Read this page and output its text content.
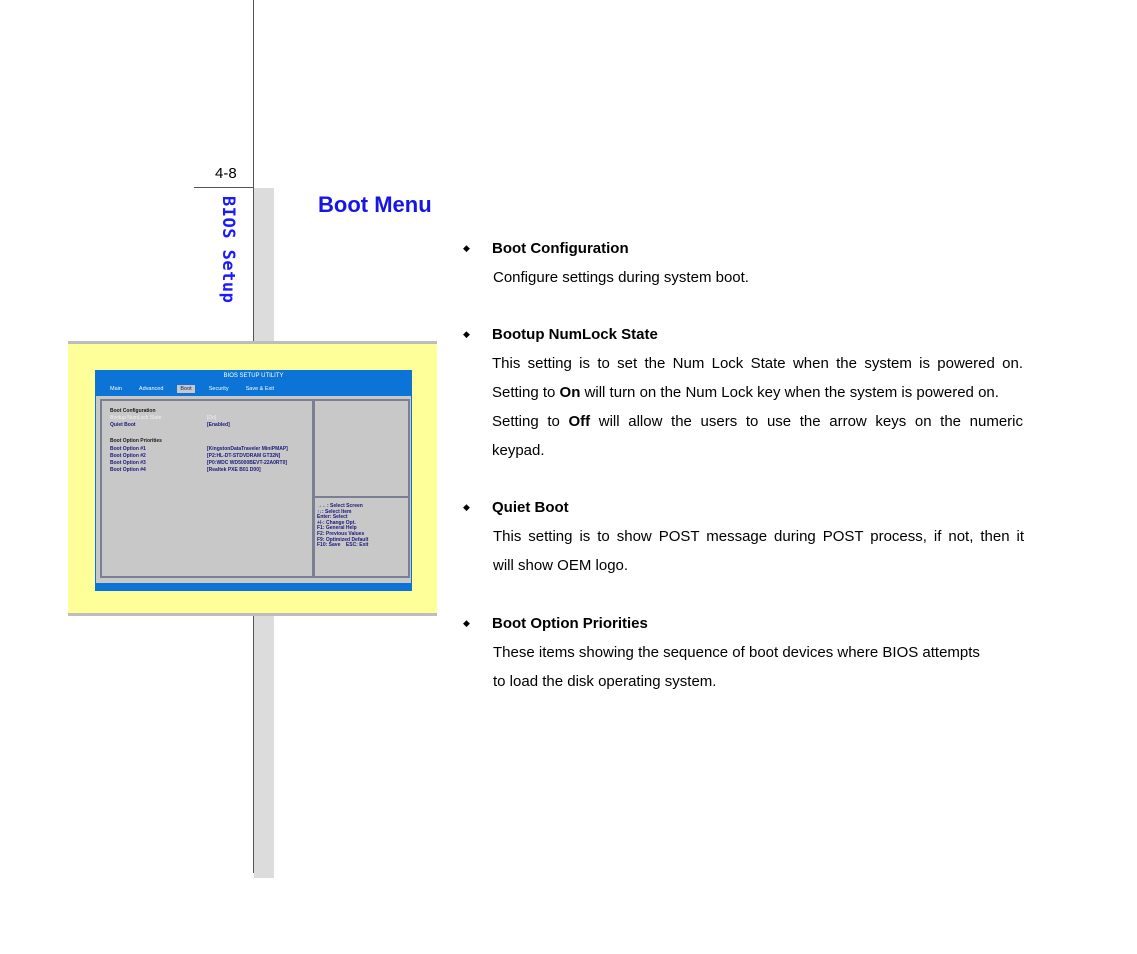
4-8
BIOS Setup	Boot Menu
BIOS SETUP UTILITY
Main	Advanced	Boot	Security	Save & Exit
Boot Configuration
Bootup NumLock State	[On]
Quiet Boot	[Enabled]
Boot Option Priorities
Boot Option #1	[KingstonDataTraveler MiniPMAP]
Boot Option #2	[P2:HL-DT-STDVDRAM GT32N]
Boot Option #3	[P0:WDC WD5000BEVT-22A0RT0]
Boot Option #4	[Realtek PXE B01 D00]
→←: Select Screen
↑↓: Select Item
Enter: Select
+/-: Change Opt.
F1: General Help
F2: Previous Values
F9: Optimized Default
F10: Save    ESC: Exit
◆ Boot Configuration
Configure settings during system boot.
◆ Bootup NumLock State
This setting is to set the Num Lock State when the system is powered on.
Setting to On will turn on the Num Lock key when the system is powered on.
Setting to Off will allow the users to use the arrow keys on the numeric
keypad.
◆ Quiet Boot
This setting is to show POST message during POST process, if not, then it
will show OEM logo.
◆ Boot Option Priorities
These items showing the sequence of boot devices where BIOS attempts
to load the disk operating system.
